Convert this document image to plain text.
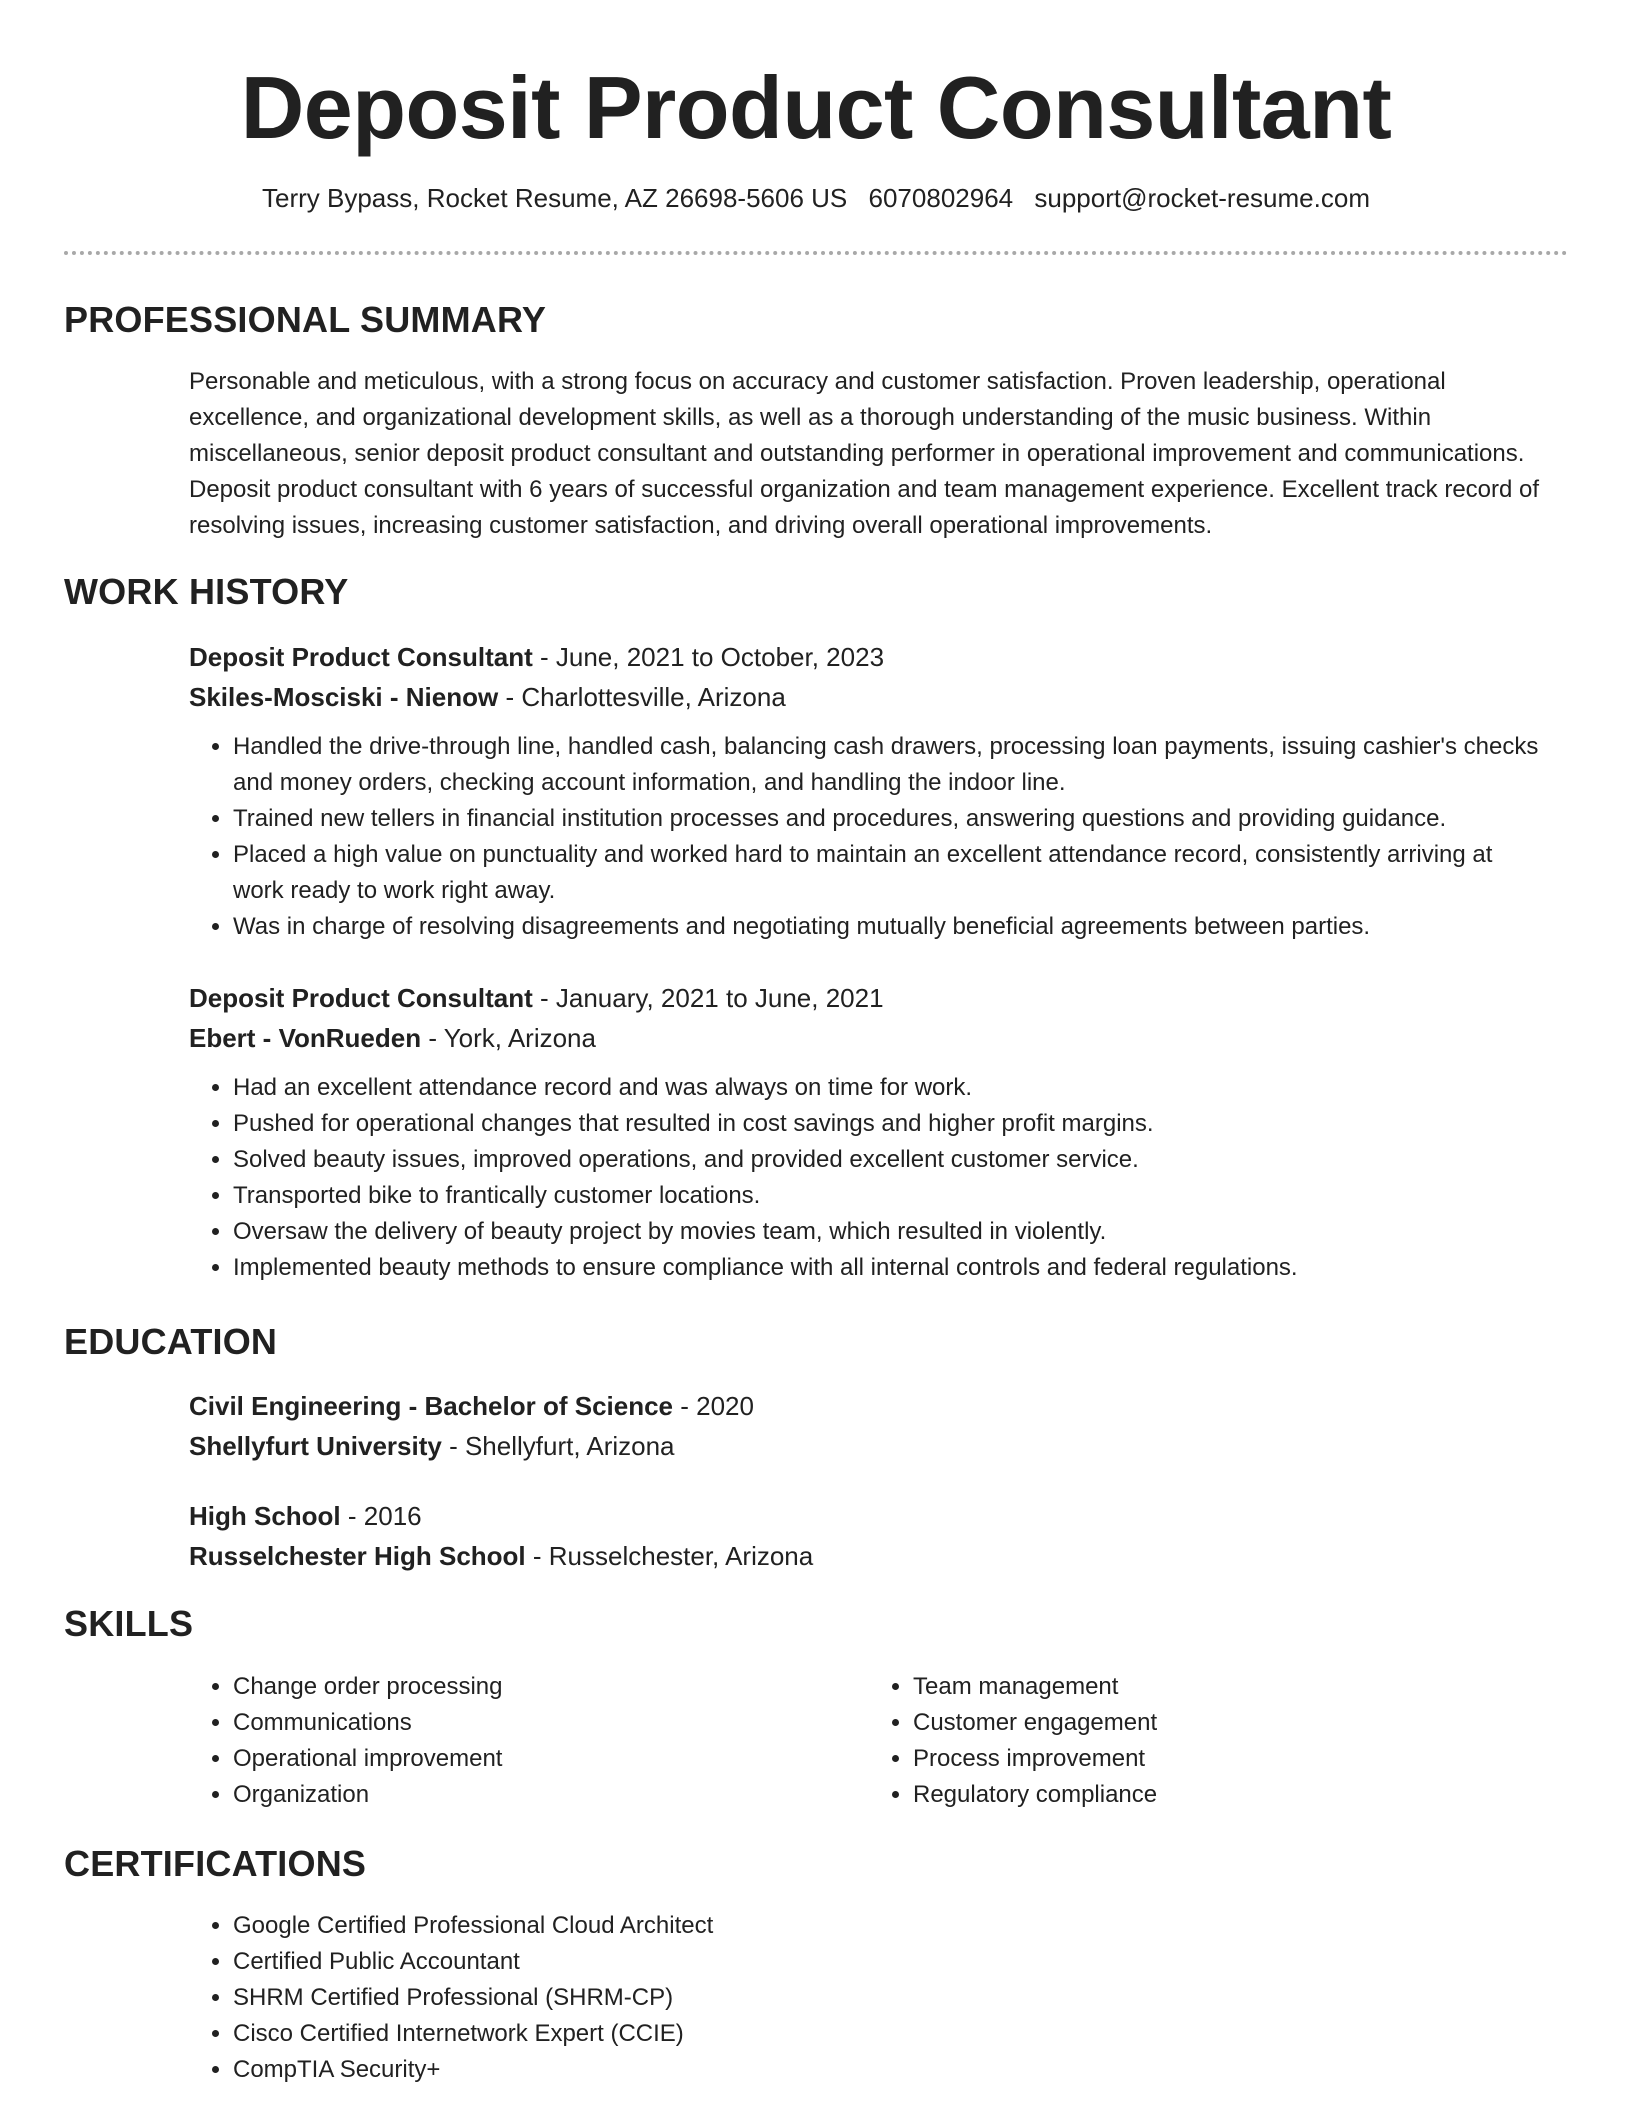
Deposit Product Consultant
Terry Bypass, Rocket Resume, AZ 26698-5606 US 6070802964 support@rocket-resume.com
PROFESSIONAL SUMMARY

Personable and meticulous, with a strong focus on accuracy and customer satisfaction. Proven leadership, operational excellence, and organizational development skills, as well as a thorough understanding of the music business. Within miscellaneous, senior deposit product consultant and outstanding performer in operational improvement and communications. Deposit product consultant with 6 years of successful organization and team management experience. Excellent track record of resolving issues, increasing customer satisfaction, and driving overall operational improvements.

WORK HISTORY

Deposit Product Consultant - June, 2021 to October, 2023

Skiles-Mosciski - Nienow - Charlottesville, Arizona

• Handled the drive-through line, handled cash, balancing cash drawers, processing loan payments, issuing cashier's checks and money orders, checking account information, and handling the indoor line.
• Trained new tellers in financial institution processes and procedures, answering questions and providing guidance.
• Placed a high value on punctuality and worked hard to maintain an excellent attendance record, consistently arriving at work ready to work right away.
• Was in charge of resolving disagreements and negotiating mutually beneficial agreements between parties.

Deposit Product Consultant - January, 2021 to June, 2021

Ebert - VonRueden - York, Arizona

• Had an excellent attendance record and was always on time for work.
• Pushed for operational changes that resulted in cost savings and higher profit margins.
• Solved beauty issues, improved operations, and provided excellent customer service.
• Transported bike to frantically customer locations.
• Oversaw the delivery of beauty project by movies team, which resulted in violently.
• Implemented beauty methods to ensure compliance with all internal controls and federal regulations.
EDUCATION

Civil Engineering - Bachelor of Science - 2020

Shellyfurt University - Shellyfurt, Arizona

High School - 2016

Russelchester High School - Russelchester, Arizona

SKILLS
• Change order processing
• Communications
• Operational improvement
• Organization
• Team management
• Customer engagement
• Process improvement
• Regulatory compliance
CERTIFICATIONS
• Google Certified Professional Cloud Architect
• Certified Public Accountant
• SHRM Certified Professional (SHRM-CP)
• Cisco Certified Internetwork Expert (CCIE)
• CompTIA Security+
